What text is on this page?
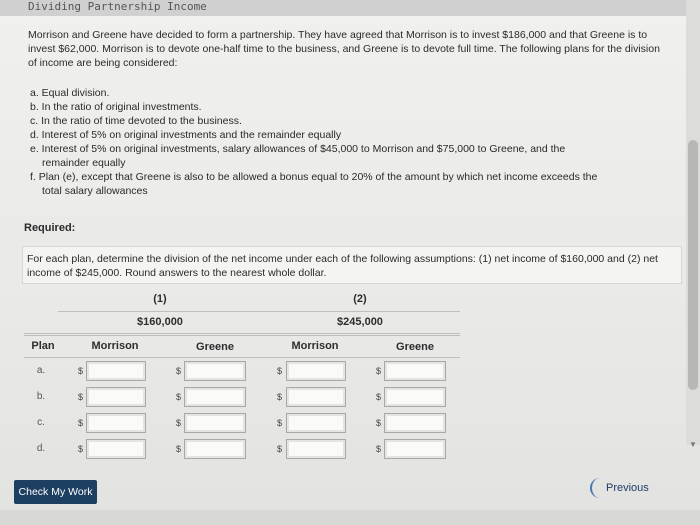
Dividing Partnership Income
Morrison and Greene have decided to form a partnership. They have agreed that Morrison is to invest $186,000 and that Greene is to invest $62,000. Morrison is to devote one-half time to the business, and Greene is to devote full time. The following plans for the division of income are being considered:
a. Equal division.
b. In the ratio of original investments.
c. In the ratio of time devoted to the business.
d. Interest of 5% on original investments and the remainder equally
e. Interest of 5% on original investments, salary allowances of $45,000 to Morrison and $75,000 to Greene, and the
remainder equally
f. Plan (e), except that Greene is also to be allowed a bonus equal to 20% of the amount by which net income exceeds the
total salary allowances
Required:
For each plan, determine the division of the net income under each of the following assumptions: (1) net income of $160,000 and (2) net income of $245,000. Round answers to the nearest whole dollar.
(1)	(2)
$160,000	$245,000
Plan	Morrison	Greene	Morrison	Greene
a.	$	$	$	$
b.	$	$	$	$
c.	$	$	$	$
d.	$	$	$	$	▼
Check My Work	Previous
